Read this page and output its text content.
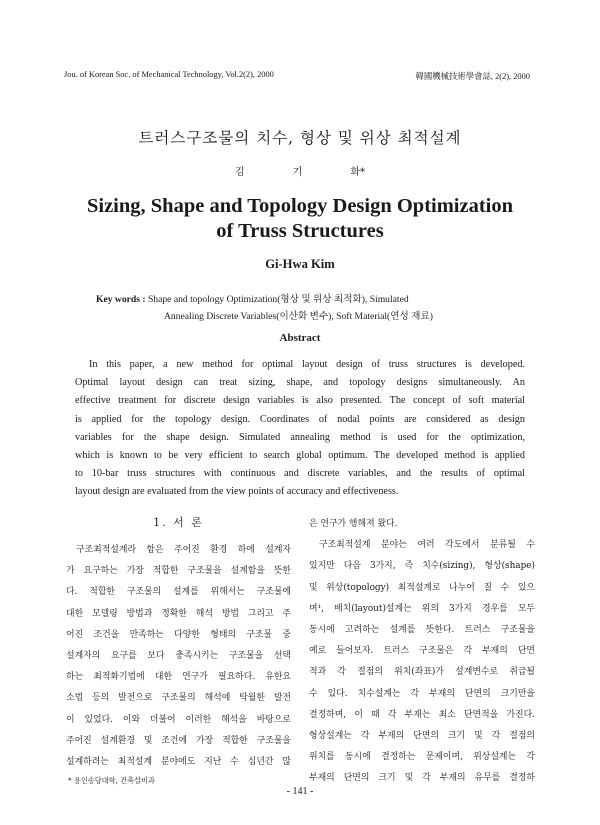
Jou. of Korean Soc. of Mechanical Technology, Vol.2(2), 2000	韓國機械技術學會誌, 2(2), 2000
트러스구조물의 치수, 형상 및 위상 최적설계
김	기	화*
Sizing, Shape and Topology Design Optimization
of Truss Structures
Gi-Hwa Kim
Key words : Shape and topology Optimization(형상 및 위상 최적화), Simulated
Annealing Discrete Variables(이산화 변수), Soft Material(연성 재료)
Abstract
In this paper, a new method for optimal layout design of truss structures is developed.
Optimal layout design can treat sizing, shape, and topology designs simultaneously. An
effective treatment for discrete design variables is also presented. The concept of soft material
is applied for the topology design. Coordinates of nodal points are considered as design
variables for the shape design. Simulated annealing method is used for the optimization,
which is known to be very efficient to search global optimum. The developed method is applied
to 10-bar truss structures with continuous and discrete variables, and the results of optimal
layout design are evaluated from the view points of accuracy and effectiveness.
1. 서 론
구조최적설계라 함은 주어진 환경 하에 설계자
가 요구하는 가장 적합한 구조물을 설계함을 뜻한
다. 적합한 구조물의 설계를 위해서는 구조물에
대한 모델링 방법과 정확한 해석 방법 그리고 주
어진 조건을 만족하는 다양한 형태의 구조물 중
설계자의 요구를 보다 충족시키는 구조물을 선택
하는 최적화기법에 대한 연구가 필요하다. 유한요
소법 등의 발전으로 구조물의 해석에 탁월한 발전
이 있었다. 이와 더불어 이러한 해석을 바탕으로
주어진 설계환경 및 조건에 가장 적합한 구조물을
설계하려는 최적설계 분야에도 지난 수 십년간 많
은 연구가 행해져 왔다.
구조최적설계 분야는 여러 각도에서 분류될 수
있지만 다음 3가지, 즉 치수(sizing), 형상(shape)
및 위상(topology) 최적설계로 나누어 질 수 있으
며¹, 배치(layout)설계는 위의 3가지 경우를 모두
동시에 고려하는 설계를 뜻한다. 트러스 구조물을
예로 들어보자. 트러스 구조물은 각 부재의 단면
적과 각 절점의 위치(좌표)가 설계변수로 취급될
수 있다. 치수설계는 각 부재의 단면의 크기만을
결정하며, 이 때 각 부재는 최소 단면적을 가진다.
형상설계는 각 부재의 단면의 크기 및 각 절점의
위치를 동시에 결정하는 문제이며, 위상설계는 각
부재의 단면의 크기 및 각 부재의 유무를 결정하
* 용인송담대학, 건축설비과
- 141 -
